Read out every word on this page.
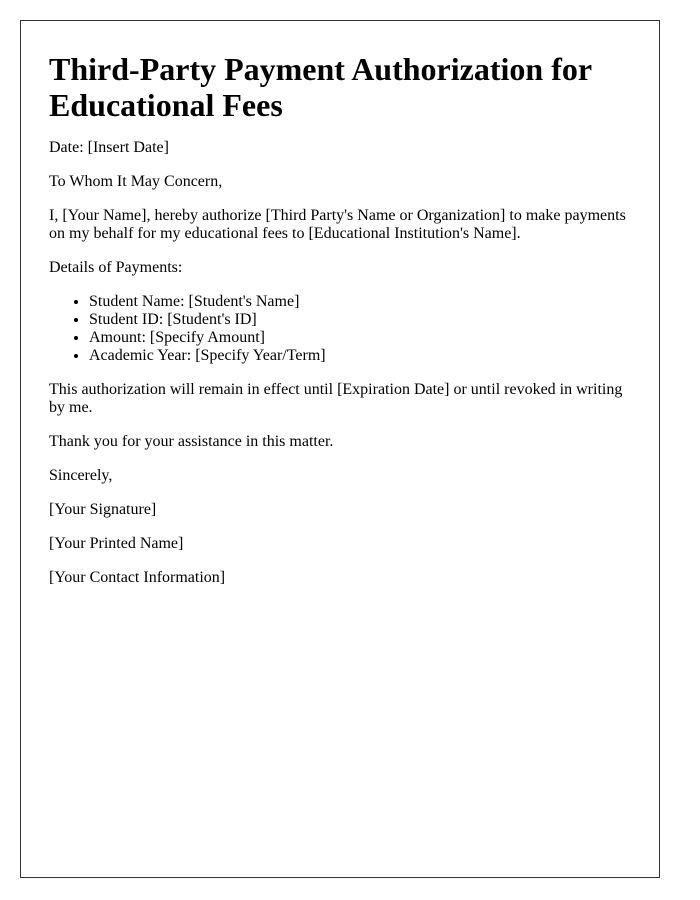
Third-Party Payment Authorization for Educational Fees

Date: [Insert Date]

To Whom It May Concern,

I, [Your Name], hereby authorize [Third Party's Name or Organization] to make payments on my behalf for my educational fees to [Educational Institution's Name].

Details of Payments:

• Student Name: [Student's Name]
• Student ID: [Student's ID]
• Amount: [Specify Amount]
• Academic Year: [Specify Year/Term]

This authorization will remain in effect until [Expiration Date] or until revoked in writing by me.

Thank you for your assistance in this matter.

Sincerely,

[Your Signature]

[Your Printed Name]

[Your Contact Information]
